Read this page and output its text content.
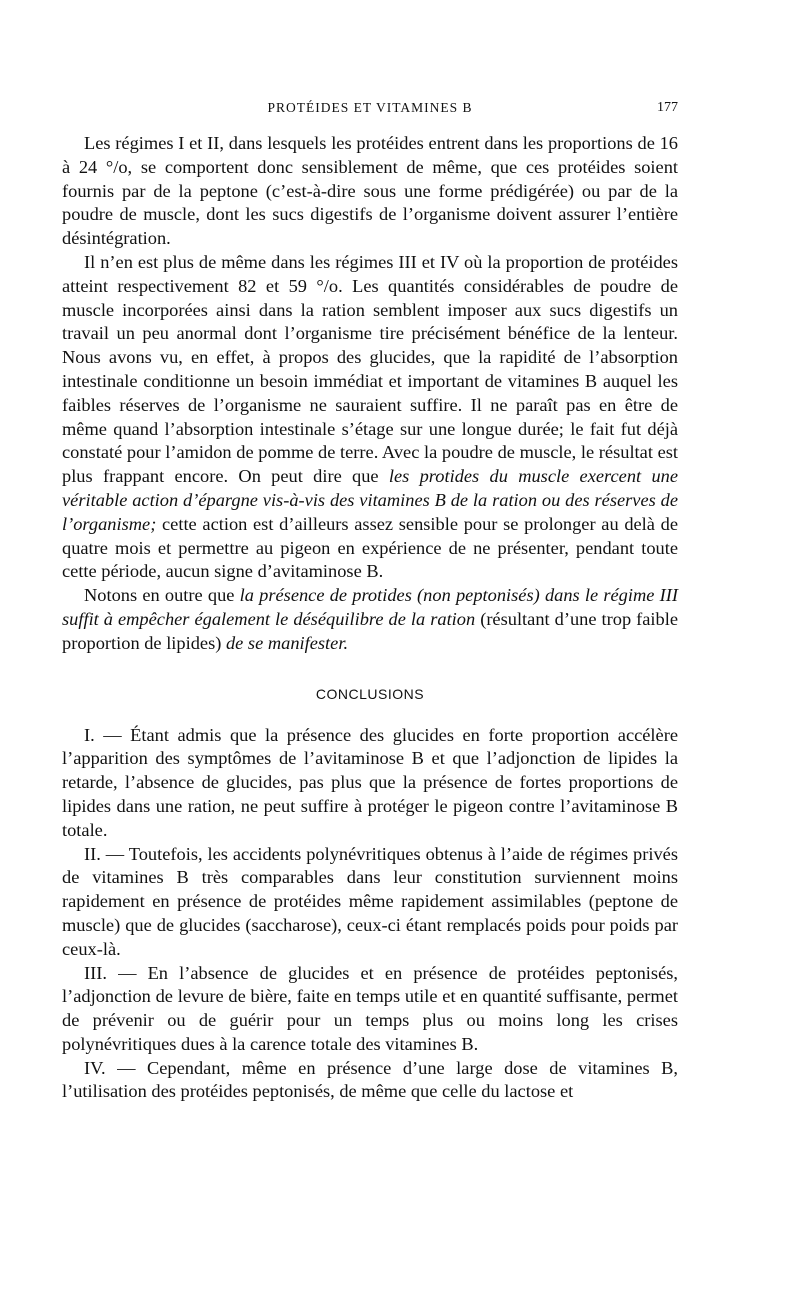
PROTÉIDES ET VITAMINES B	177

Les régimes I et II, dans lesquels les protéides entrent dans les proportions de 16 à 24 °/o, se comportent donc sensiblement de même, que ces protéides soient fournis par de la peptone (c’est-à-dire sous une forme prédigérée) ou par de la poudre de muscle, dont les sucs digestifs de l’organisme doivent assurer l’entière désintégration.

Il n’en est plus de même dans les régimes III et IV où la proportion de protéides atteint respectivement 82 et 59 °/o. Les quantités considérables de poudre de muscle incorporées ainsi dans la ration semblent imposer aux sucs digestifs un travail un peu anormal dont l’organisme tire précisément bénéfice de la lenteur. Nous avons vu, en effet, à propos des glucides, que la rapidité de l’absorption intestinale conditionne un besoin immédiat et important de vitamines B auquel les faibles réserves de l’organisme ne sauraient suffire. Il ne paraît pas en être de même quand l’absorption intestinale s’étage sur une longue durée; le fait fut déjà constaté pour l’amidon de pomme de terre. Avec la poudre de muscle, le résultat est plus frappant encore. On peut dire que les protides du muscle exercent une véritable action d’épargne vis-à-vis des vitamines B de la ration ou des réserves de l’organisme; cette action est d’ailleurs assez sensible pour se prolonger au delà de quatre mois et permettre au pigeon en expérience de ne présenter, pendant toute cette période, aucun signe d’avitaminose B.

Notons en outre que la présence de protides (non peptonisés) dans le régime III suffit à empêcher également le déséquilibre de la ration (résultant d’une trop faible proportion de lipides) de se manifester.

CONCLUSIONS

I. — Étant admis que la présence des glucides en forte proportion accélère l’apparition des symptômes de l’avitaminose B et que l’adjonction de lipides la retarde, l’absence de glucides, pas plus que la présence de fortes proportions de lipides dans une ration, ne peut suffire à protéger le pigeon contre l’avitaminose B totale.

II. — Toutefois, les accidents polynévritiques obtenus à l’aide de régimes privés de vitamines B très comparables dans leur constitution surviennent moins rapidement en présence de protéides même rapidement assimilables (peptone de muscle) que de glucides (saccharose), ceux-ci étant remplacés poids pour poids par ceux-là.

III. — En l’absence de glucides et en présence de protéides peptonisés, l’adjonction de levure de bière, faite en temps utile et en quantité suffisante, permet de prévenir ou de guérir pour un temps plus ou moins long les crises polynévritiques dues à la carence totale des vitamines B.

IV. — Cependant, même en présence d’une large dose de vitamines B, l’utilisation des protéides peptonisés, de même que celle du lactose et
